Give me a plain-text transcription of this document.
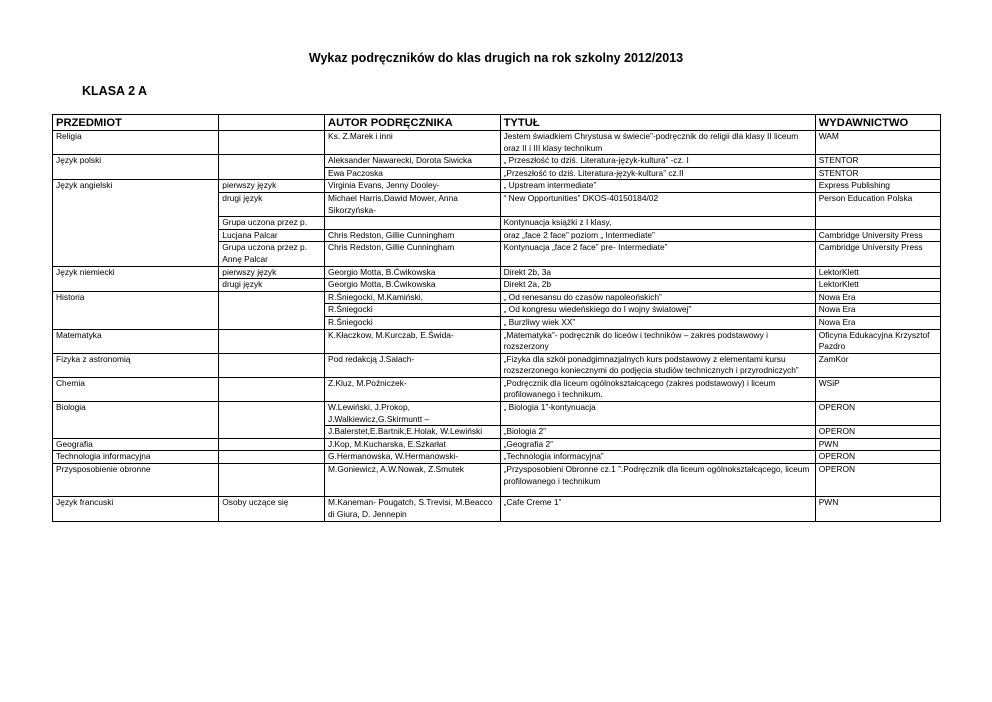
Wykaz podręczników do klas drugich na rok szkolny 2012/2013
KLASA 2 A
PRZEDMIOT		AUTOR PODRĘCZNIKA	TYTUŁ	WYDAWNICTWO
Religia		Ks. Z.Marek i inni	Jestem świadkiem Chrystusa w świecie”-podręcznik do religii dla klasy II liceum oraz II i III klasy technikum	WAM
Język polski		Aleksander Nawarecki, Dorota Siwicka	„ Przeszłość to dziś. Literatura-język-kultura” -cz. I	STENTOR
		Ewa Paczoska	„Przeszłość to dziś. Literatura-język-kultura” cz.II	STENTOR
Język angielski	pierwszy język	Virginia Evans, Jenny Dooley-	„ Upstream intermediate”	Express Publishing
	drugi język	Michael Harris,Dawid Mower, Anna Sikorzyńska-	“ New Opportunities” DKOS-40150184/02	Person Education Polska
	Grupa uczona przez p.		Kontynuacja książki z I klasy,	
	Lucjana Palcar	Chris Redston, Gillie Cunningham	oraz „face 2 face” poziom „ Intermediate”	Cambridge University Press
	Grupa uczona przez p. Annę Palcar	Chris Redston, Gillie Cunningham	Kontynuacja „face 2 face” pre- Intermediate”	Cambridge University Press
Język niemiecki	pierwszy język	Georgio Motta, B.Ćwikowska	Direkt 2b, 3a	LektorKlett
	drugi język	Georgio Motta, B.Ćwikowska	Direkt 2a, 2b	LektorKlett
Historia		R.Śniegocki, M.Kamiński,	„ Od renesansu do czasów napoleońskich”	Nowa Era
		R.Śniegocki	„ Od kongresu wiedeńskiego do I wojny światowej”	Nowa Era
		R.Śniegocki	„ Burzliwy wiek XX”	Nowa Era
Matematyka		K.Kłaczkow, M.Kurczab, E.Świda-	„Matematyka”- podręcznik do liceów i techników – zakres podstawowy i rozszerzony	Oficyna Edukacyjna Krzysztof Pazdro
Fizyka z astronomią		Pod redakcją J.Salach-	„Fizyka dla szkół ponadgimnazjalnych kurs podstawowy z elementami kursu rozszerzonego koniecznymi do podjęcia studiów technicznych i przyrodniczych”	ZamKor
Chemia		Z.Kluz, M.Poźniczek-	„Podręcznik dla liceum ogólnokształcącego (zakres podstawowy) i liceum profilowanego i technikum.	WSiP
Biologia		W.Lewiński, J.Prokop, J.Walkiewicz,G.Skirmuntt –	„ Biologia 1”-kontynuacja	OPERON
		J.Balerstet,E.Bartnik,E.Holak, W.Lewiński	„Biologia 2”	OPERON
Geografia		J.Kop, M.Kucharska, E.Szkarłat	„Geografia 2”	PWN
Technologia informacyjna		G.Hermanowska, W.Hermanowski-	„Technologia informacyjna”	OPERON
Przysposobienie obronne		M.Goniewicz, A.W.Nowak, Z.Smutek	„Przysposobieni Obronne cz.1 ”.Podręcznik dla liceum ogólnokształcącego, liceum profilowanego i technikum	OPERON
Język francuski	Osoby uczące się	M.Kaneman- Pougatch, S.Trevisi, M.Beacco di Giura, D. Jennepin	„Cafe Creme 1”	PWN
